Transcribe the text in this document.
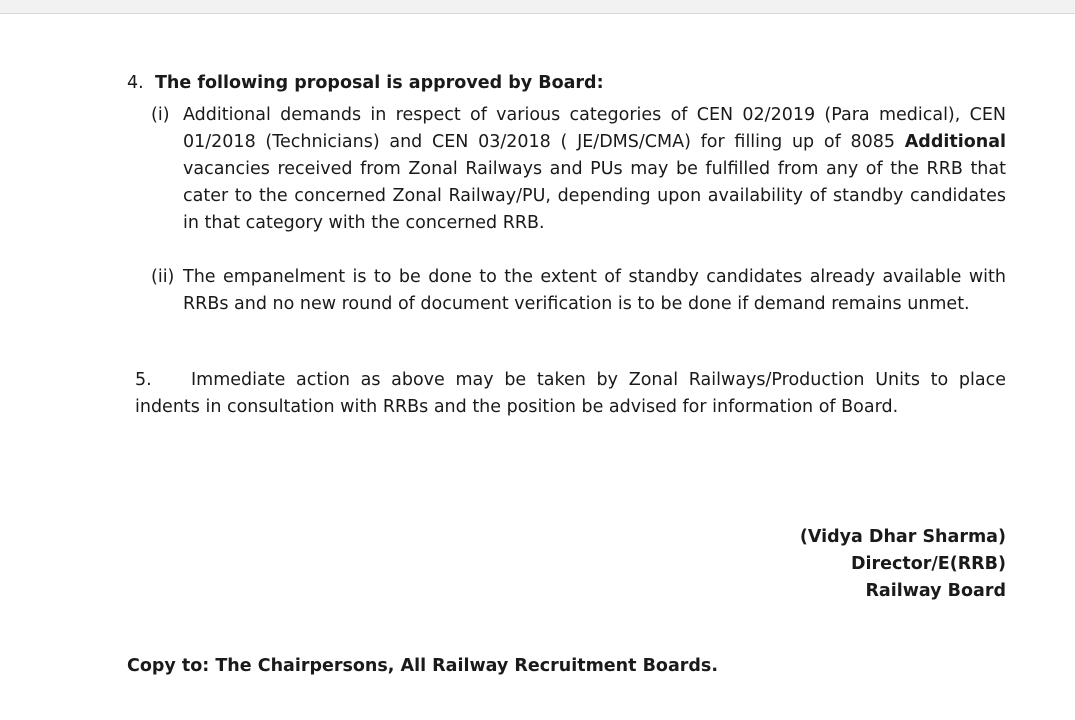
4. The following proposal is approved by Board:
(i) Additional demands in respect of various categories of CEN 02/2019 (Para medical), CEN 01/2018 (Technicians) and CEN 03/2018 ( JE/DMS/CMA) for filling up of 8085 Additional vacancies received from Zonal Railways and PUs may be fulfilled from any of the RRB that cater to the concerned Zonal Railway/PU, depending upon availability of standby candidates in that category with the concerned RRB.
(ii) The empanelment is to be done to the extent of standby candidates already available with RRBs and no new round of document verification is to be done if demand remains unmet.
5. Immediate action as above may be taken by Zonal Railways/Production Units to place indents in consultation with RRBs and the position be advised for information of Board.
(Vidya Dhar Sharma)
Director/E(RRB)
Railway Board
Copy to: The Chairpersons, All Railway Recruitment Boards.
